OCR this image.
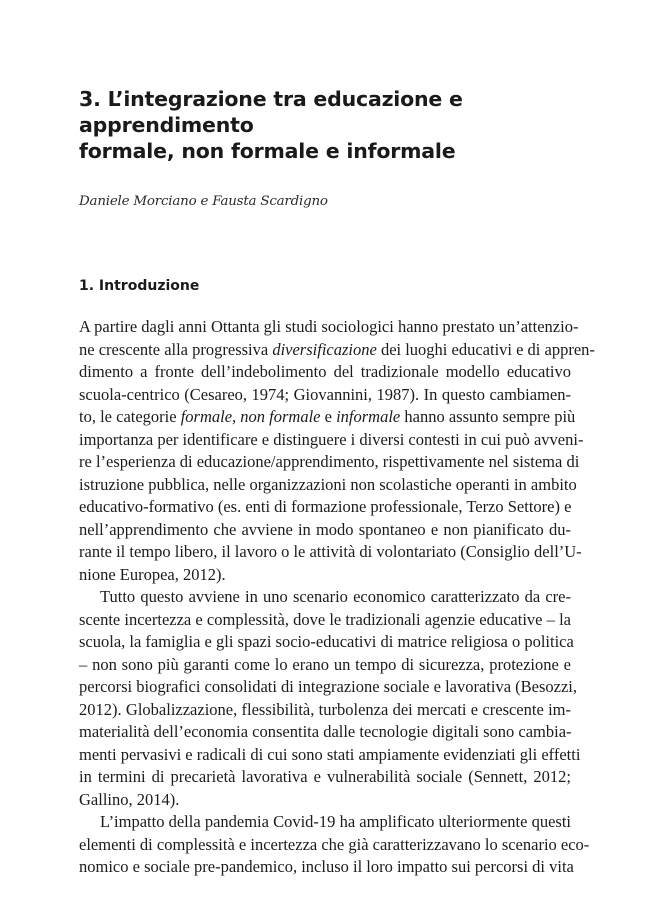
3. L’integrazione tra educazione e apprendimento
formale, non formale e informale

Daniele Morciano e Fausta Scardigno

1. Introduzione
A partire dagli anni Ottanta gli studi sociologici hanno prestato un’attenzio-
ne crescente alla progressiva diversificazione dei luoghi educativi e di appren-
dimento a fronte dell’indebolimento del tradizionale modello educativo
scuola-centrico (Cesareo, 1974; Giovannini, 1987). In questo cambiamen-
to, le categorie formale, non formale e informale hanno assunto sempre più
importanza per identificare e distinguere i diversi contesti in cui può avveni-
re l’esperienza di educazione/apprendimento, rispettivamente nel sistema di
istruzione pubblica, nelle organizzazioni non scolastiche operanti in ambito
educativo-formativo (es. enti di formazione professionale, Terzo Settore) e
nell’apprendimento che avviene in modo spontaneo e non pianificato du-
rante il tempo libero, il lavoro o le attività di volontariato (Consiglio dell’U-
nione Europea, 2012).
Tutto questo avviene in uno scenario economico caratterizzato da cre-
scente incertezza e complessità, dove le tradizionali agenzie educative – la
scuola, la famiglia e gli spazi socio-educativi di matrice religiosa o politica
– non sono più garanti come lo erano un tempo di sicurezza, protezione e
percorsi biografici consolidati di integrazione sociale e lavorativa (Besozzi,
2012). Globalizzazione, flessibilità, turbolenza dei mercati e crescente im-
materialità dell’economia consentita dalle tecnologie digitali sono cambia-
menti pervasivi e radicali di cui sono stati ampiamente evidenziati gli effetti
in termini di precarietà lavorativa e vulnerabilità sociale (Sennett, 2012;
Gallino, 2014).
L’impatto della pandemia Covid-19 ha amplificato ulteriormente questi
elementi di complessità e incertezza che già caratterizzavano lo scenario eco-
nomico e sociale pre-pandemico, incluso il loro impatto sui percorsi di vita
